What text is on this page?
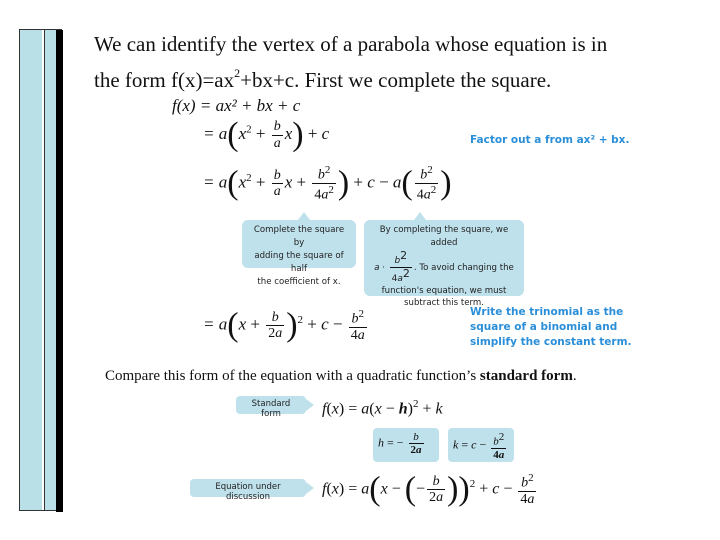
We can identify the vertex of a parabola whose equation is in
the form $f(x)=ax^2+bx+c$. First we complete the square.
f(x) = ax² + bx + c
= $a(x^2 + \frac{b}{a} x) + c$
= $a(x^2 + \frac{b}{a}$ $x + \frac{b^2}{4a^2}$ ) + $c - a( \frac{b^2}{4a^2}$ )
Factor out a from ax² + bx.
Complete the square by
adding the square of half
the coefficient of x.
By completing the square, we added
$a \cdot \frac{b2}{4a2}$ . To avoid changing the
function's equation, we must
subtract this term.
= $a(x + \frac{b}{2a} )^2 + c - \frac{b^2}{4a}$	Write the trinomial as the
square of a binomial and
simplify the constant term.
Compare this form of the equation with a quadratic function’s standard form.
Standard form	$f(x) = a(x - h)^2 + k$
h = − $\frac{b}{2a}$	$k = c - \frac{b2}{4a}$
Equation under discussion	f(x) = a(x − (− $\frac{b}{2a} ))^2 + c - \frac{b^2}{4a}$
